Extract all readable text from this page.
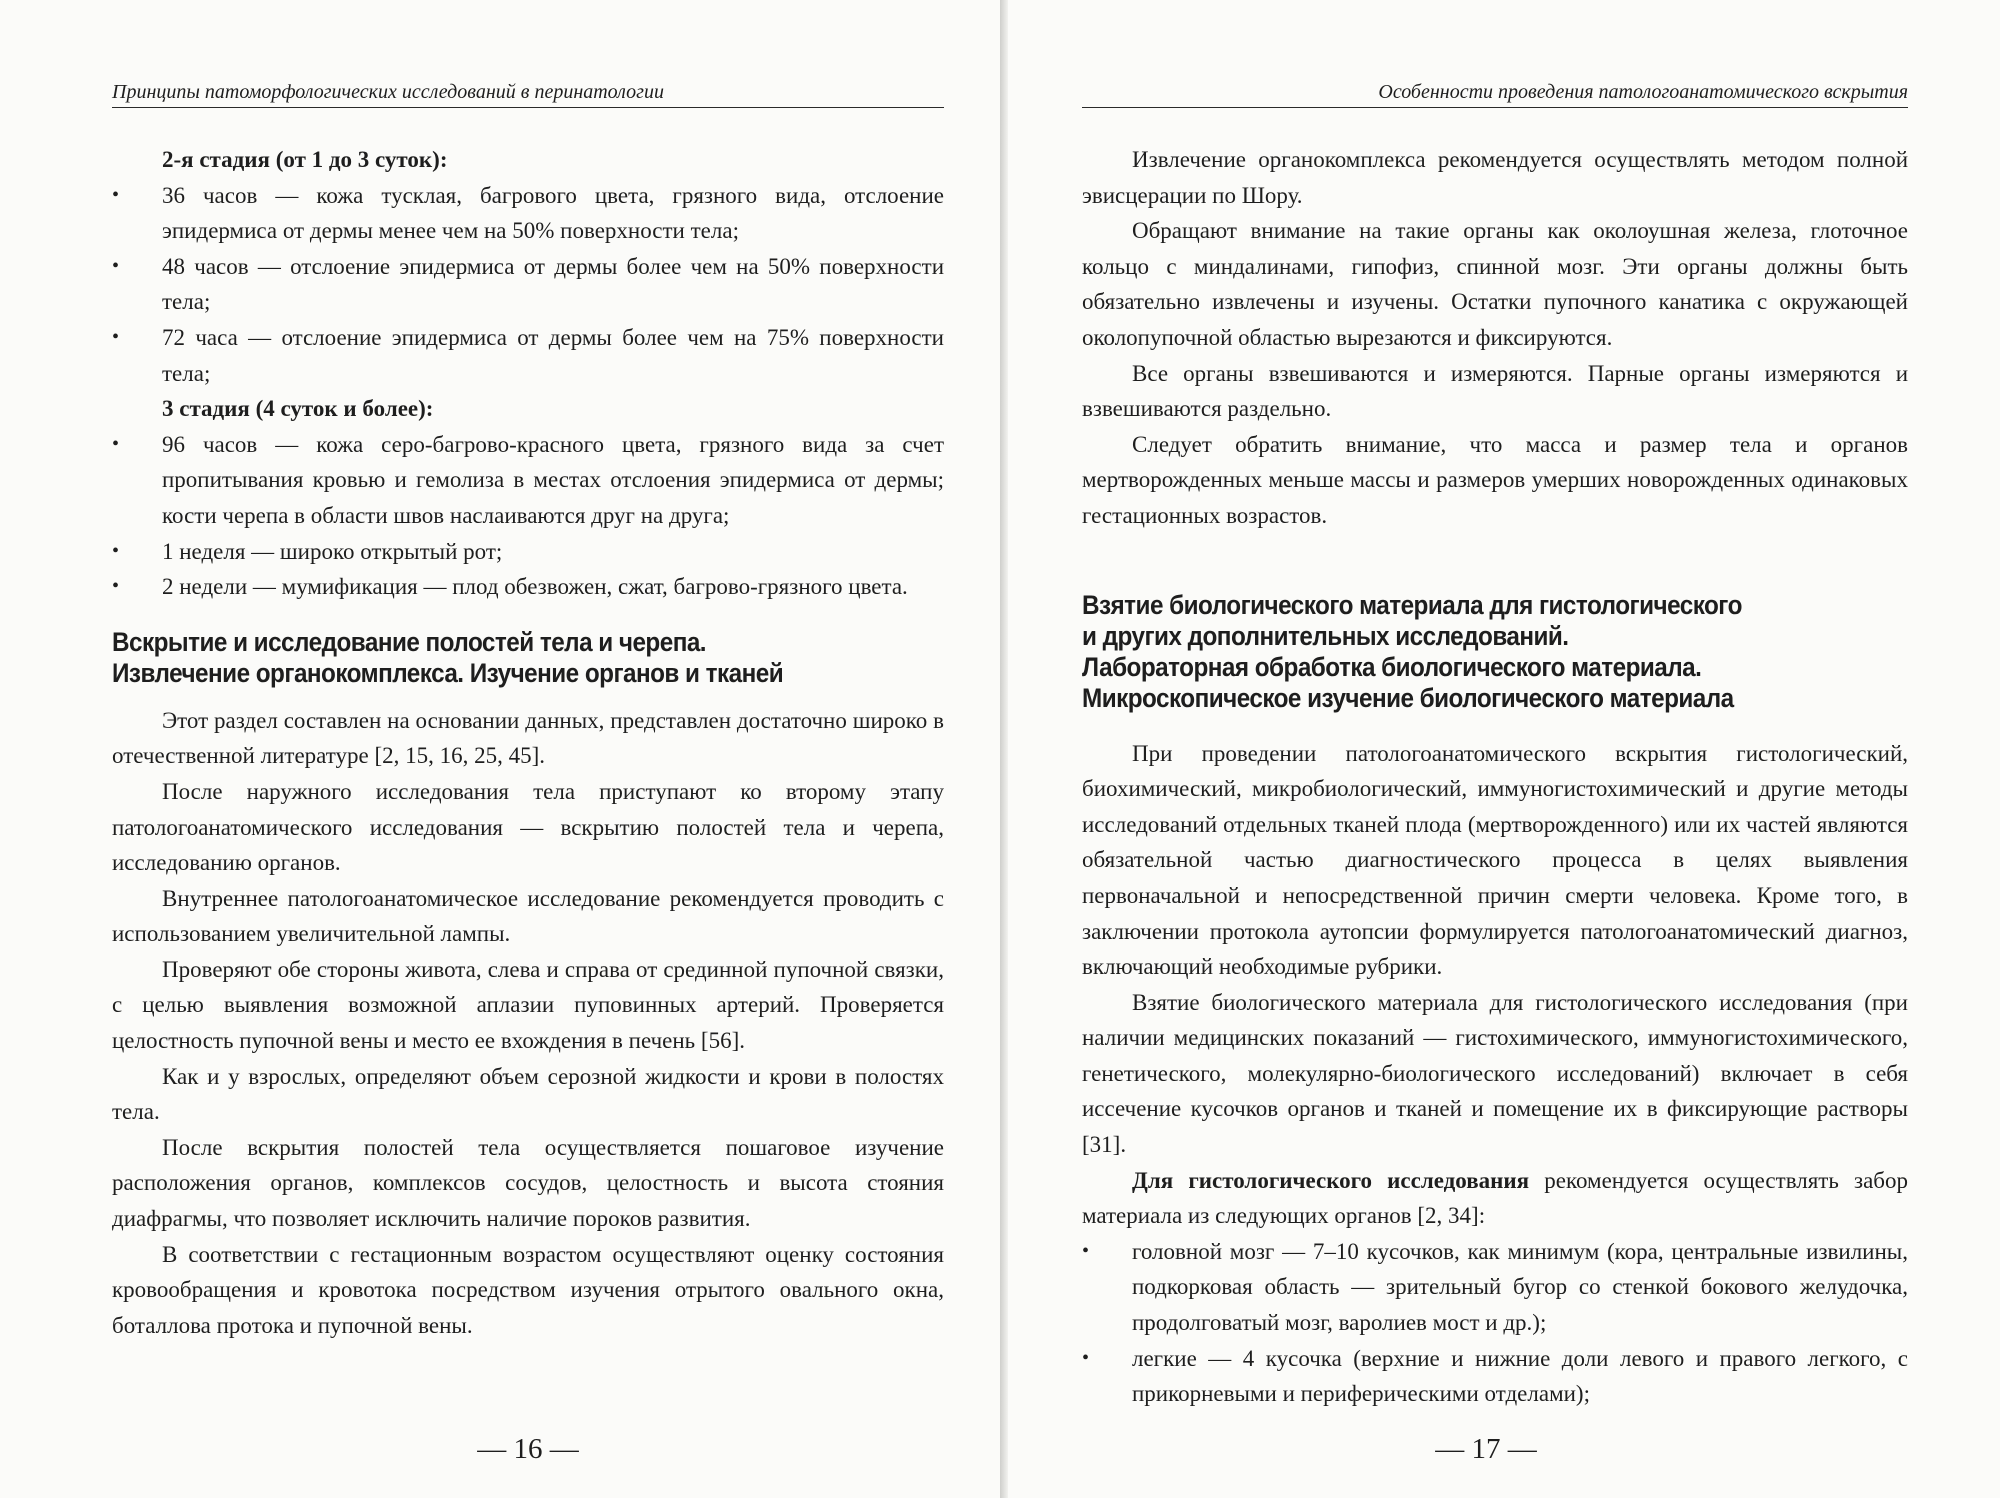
Принципы патоморфологических исследований в перинатологии
2-я стадия (от 1 до 3 суток):
• 36 часов — кожа тусклая, багрового цвета, грязного вида, отслоение эпидермиса от дермы менее чем на 50% поверхности тела;
• 48 часов — отслоение эпидермиса от дермы более чем на 50% поверхности тела;
• 72 часа — отслоение эпидермиса от дермы более чем на 75% поверхности тела;
3 стадия (4 суток и более):
• 96 часов — кожа серо-багрово-красного цвета, грязного вида за счет пропитывания кровью и гемолиза в местах отслоения эпидермиса от дермы; кости черепа в области швов наслаиваются друг на друга;
• 1 неделя — широко открытый рот;
• 2 недели — мумификация — плод обезвожен, сжат, багрово-грязного цвета.
Вскрытие и исследование полостей тела и черепа.
Извлечение органокомплекса. Изучение органов и тканей

Этот раздел составлен на основании данных, представлен достаточно широко в отечественной литературе [2, 15, 16, 25, 45].

После наружного исследования тела приступают ко второму этапу патологоанатомического исследования — вскрытию полостей тела и черепа, исследованию органов.

Внутреннее патологоанатомическое исследование рекомендуется проводить с использованием увеличительной лампы.

Проверяют обе стороны живота, слева и справа от срединной пупочной связки, с целью выявления возможной аплазии пуповинных артерий. Проверяется целостность пупочной вены и место ее вхождения в печень [56].

Как и у взрослых, определяют объем серозной жидкости и крови в полостях тела.

После вскрытия полостей тела осуществляется пошаговое изучение расположения органов, комплексов сосудов, целостность и высота стояния диафрагмы, что позволяет исключить наличие пороков развития.

В соответствии с гестационным возрастом осуществляют оценку состояния кровообращения и кровотока посредством изучения отрытого овального окна, боталлова протока и пупочной вены.

— 16 —
Особенности проведения патологоанатомического вскрытия

Извлечение органокомплекса рекомендуется осуществлять методом полной эвисцерации по Шору.

Обращают внимание на такие органы как околоушная железа, глоточное кольцо с миндалинами, гипофиз, спинной мозг. Эти органы должны быть обязательно извлечены и изучены. Остатки пупочного канатика с окружающей околопупочной областью вырезаются и фиксируются.

Все органы взвешиваются и измеряются. Парные органы измеряются и взвешиваются раздельно.

Следует обратить внимание, что масса и размер тела и органов мертворожденных меньше массы и размеров умерших новорожденных одинаковых гестационных возрастов.

Взятие биологического материала для гистологического
и других дополнительных исследований.
Лабораторная обработка биологического материала.
Микроскопическое изучение биологического материала

При проведении патологоанатомического вскрытия гистологический, биохимический, микробиологический, иммуногистохимический и другие методы исследований отдельных тканей плода (мертворожденного) или их частей являются обязательной частью диагностического процесса в целях выявления первоначальной и непосредственной причин смерти человека. Кроме того, в заключении протокола аутопсии формулируется патологоанатомический диагноз, включающий необходимые рубрики.

Взятие биологического материала для гистологического исследования (при наличии медицинских показаний — гистохимического, иммуногистохимического, генетического, молекулярно-биологического исследований) включает в себя иссечение кусочков органов и тканей и помещение их в фиксирующие растворы [31].

Для гистологического исследования рекомендуется осуществлять забор материала из следующих органов [2, 34]:

• головной мозг — 7–10 кусочков, как минимум (кора, центральные извилины, подкорковая область — зрительный бугор со стенкой бокового желудочка, продолговатый мозг, варолиев мост и др.);
• легкие — 4 кусочка (верхние и нижние доли левого и правого легкого, с прикорневыми и периферическими отделами);
— 17 —
